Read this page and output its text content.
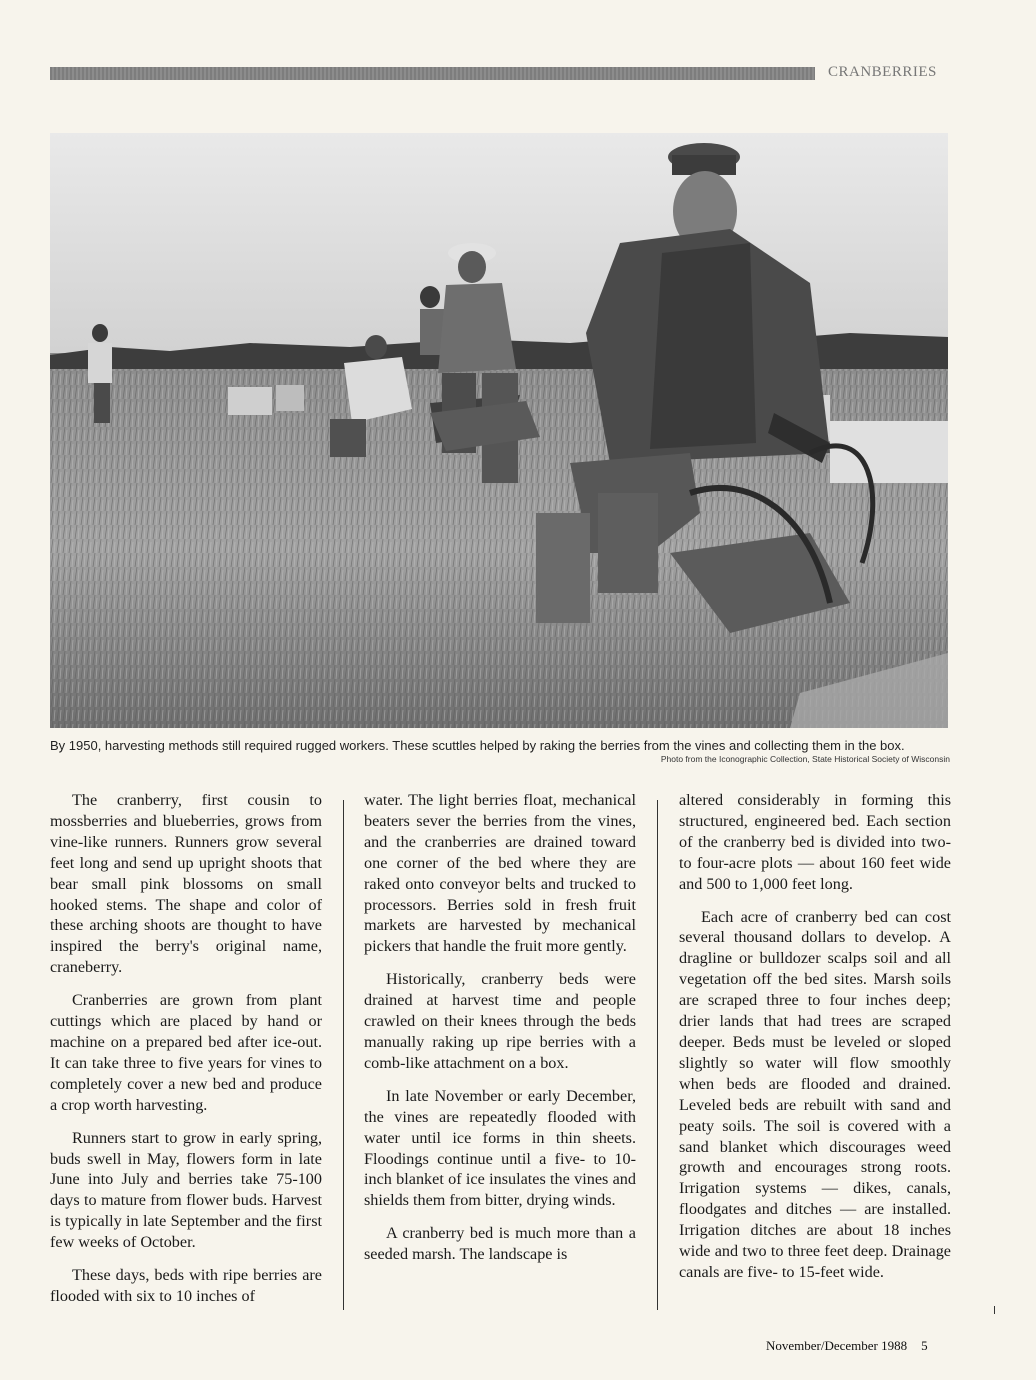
CRANBERRIES
By 1950, harvesting methods still required rugged workers. These scuttles helped by raking the berries from the vines and collecting them in the box.
Photo from the Iconographic Collection, State Historical Society of Wisconsin

The cranberry, first cousin to mossberries and blueberries, grows from vine-like runners. Runners grow several feet long and send up upright shoots that bear small pink blossoms on small hooked stems. The shape and color of these arching shoots are thought to have inspired the berry's original name, craneberry.

Cranberries are grown from plant cuttings which are placed by hand or machine on a prepared bed after ice-out. It can take three to five years for vines to completely cover a new bed and produce a crop worth harvesting.

Runners start to grow in early spring, buds swell in May, flowers form in late June into July and berries take 75-100 days to mature from flower buds. Harvest is typically in late September and the first few weeks of October.

These days, beds with ripe berries are flooded with six to 10 inches of

water. The light berries float, mechanical beaters sever the berries from the vines, and the cranberries are drained toward one corner of the bed where they are raked onto conveyor belts and trucked to processors. Berries sold in fresh fruit markets are harvested by mechanical pickers that handle the fruit more gently.

Historically, cranberry beds were drained at harvest time and people crawled on their knees through the beds manually raking up ripe berries with a comb-like attachment on a box.

In late November or early December, the vines are repeatedly flooded with water until ice forms in thin sheets. Floodings continue until a five- to 10-inch blanket of ice insulates the vines and shields them from bitter, drying winds.

A cranberry bed is much more than a seeded marsh. The landscape is

altered considerably in forming this structured, engineered bed. Each section of the cranberry bed is divided into two- to four-acre plots — about 160 feet wide and 500 to 1,000 feet long.

Each acre of cranberry bed can cost several thousand dollars to develop. A dragline or bulldozer scalps soil and all vegetation off the bed sites. Marsh soils are scraped three to four inches deep; drier lands that had trees are scraped deeper. Beds must be leveled or sloped slightly so water will flow smoothly when beds are flooded and drained. Leveled beds are rebuilt with sand and peaty soils. The soil is covered with a sand blanket which discourages weed growth and encourages strong roots. Irrigation systems — dikes, canals, floodgates and ditches — are installed. Irrigation ditches are about 18 inches wide and two to three feet deep. Drainage canals are five- to 15-feet wide.

November/December 1988 5
